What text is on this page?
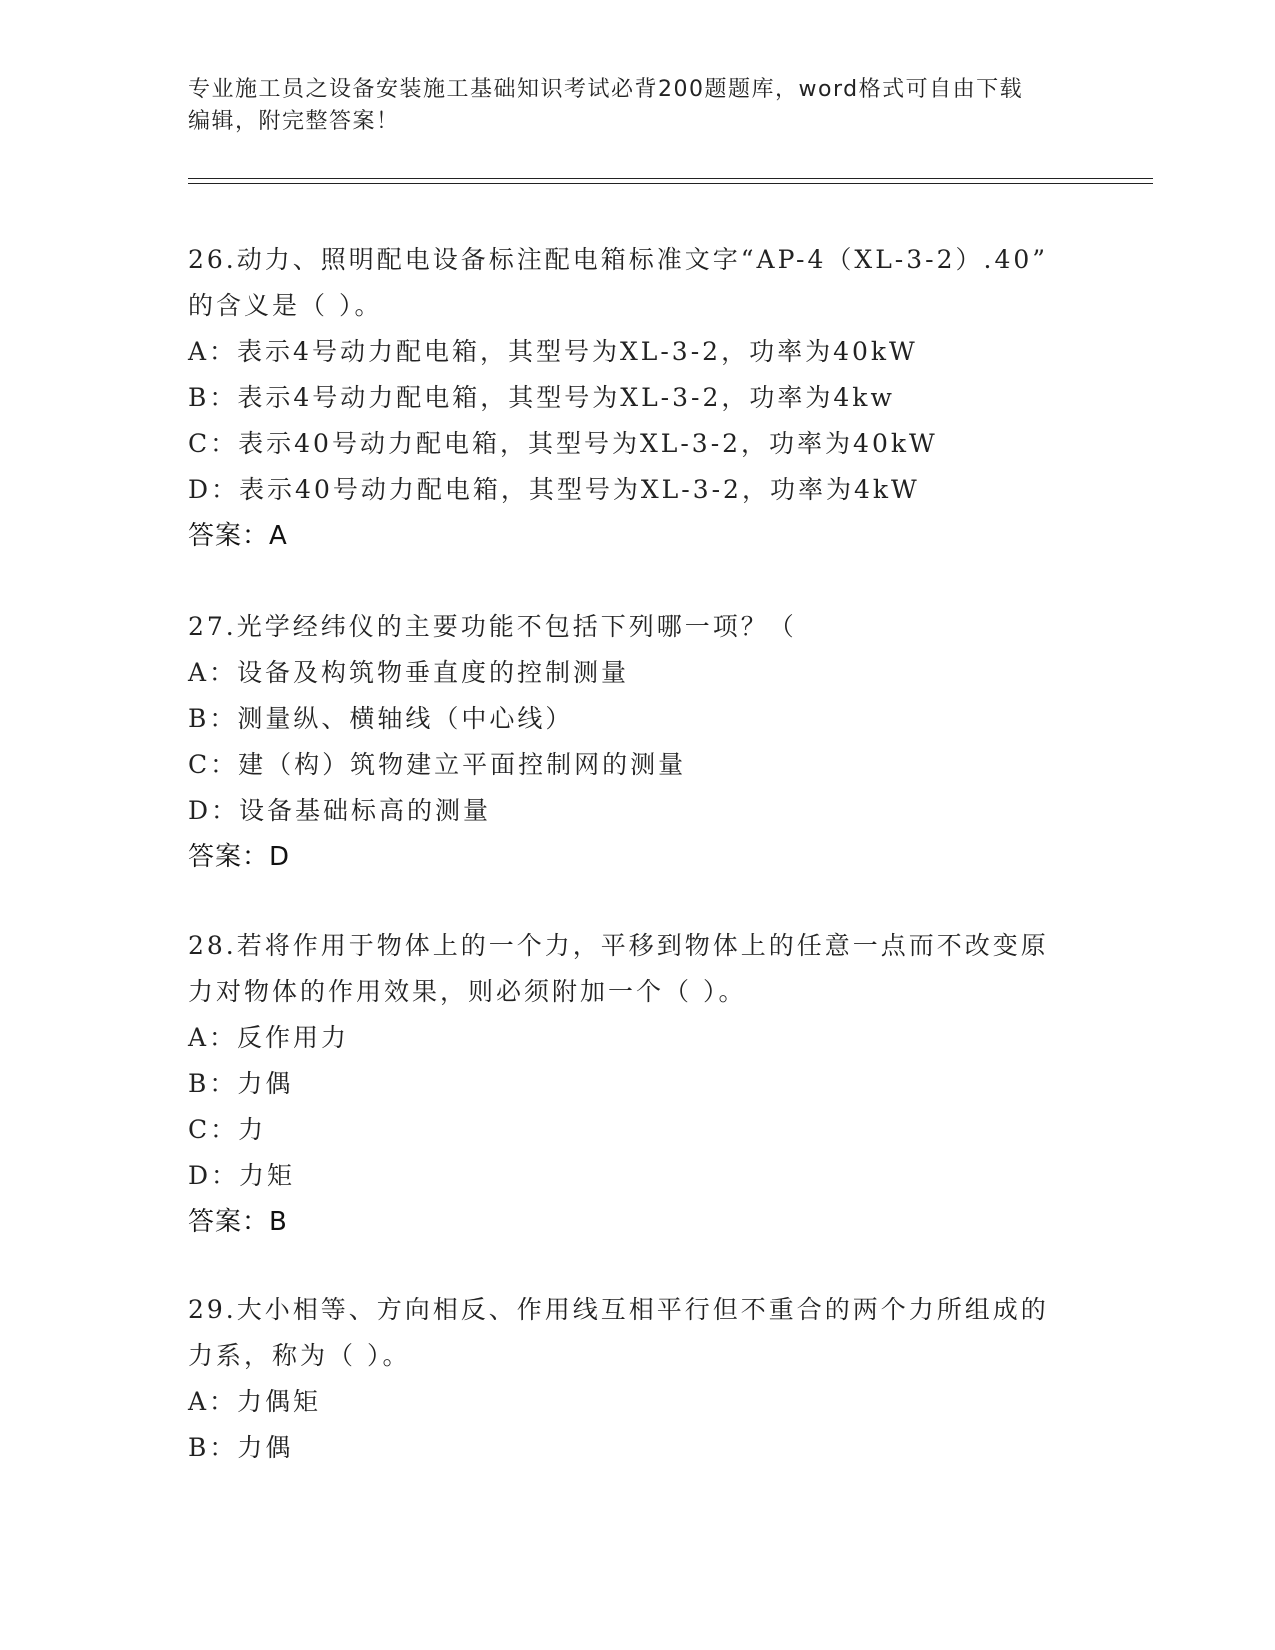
专业施工员之设备安装施工基础知识考试必背200题题库，word格式可自由下载
编辑，附完整答案！

26.动力、照明配电设备标注配电箱标准文字“AP-4（XL-3-2）.40”

的含义是（ ）。

A：表示4号动力配电箱，其型号为XL-3-2，功率为40kW

B：表示4号动力配电箱，其型号为XL-3-2，功率为4kw

C：表示40号动力配电箱，其型号为XL-3-2，功率为40kW

D：表示40号动力配电箱，其型号为XL-3-2，功率为4kW

答案：A

27.光学经纬仪的主要功能不包括下列哪一项？（

A：设备及构筑物垂直度的控制测量

B：测量纵、横轴线（中心线）

C：建（构）筑物建立平面控制网的测量

D：设备基础标高的测量

答案：D

28.若将作用于物体上的一个力，平移到物体上的任意一点而不改变原

力对物体的作用效果，则必须附加一个（ ）。

A：反作用力

B：力偶

C：力

D：力矩

答案：B

29.大小相等、方向相反、作用线互相平行但不重合的两个力所组成的

力系，称为（ ）。

A：力偶矩

B：力偶
